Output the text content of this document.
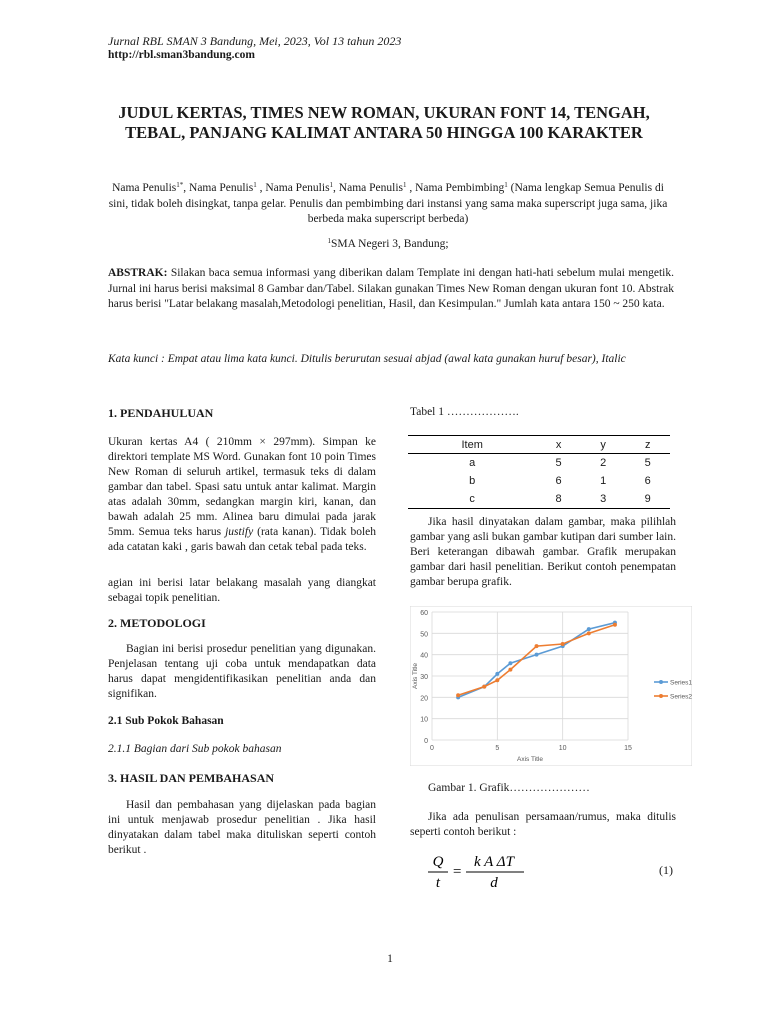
Jurnal RBL SMAN 3 Bandung, Mei, 2023, Vol 13 tahun 2023
http://rbl.sman3bandung.com
JUDUL KERTAS, TIMES NEW ROMAN, UKURAN FONT 14, TENGAH, TEBAL, PANJANG KALIMAT ANTARA 50 HINGGA 100 KARAKTER
Nama Penulis$^{1*}$, Nama Penulis$^1$ , Nama Penulis$^1$, Nama Penulis$^1$ , Nama Pembimbing$^1$ (Nama lengkap Semua Penulis di sini, tidak boleh disingkat, tanpa gelar. Penulis dan pembimbing dari instansi yang sama maka superscript juga sama, jika berbeda maka superscript berbeda)
$^1$SMA Negeri 3, Bandung;
ABSTRAK: Silakan baca semua informasi yang diberikan dalam Template ini dengan hati-hati sebelum mulai mengetik. Jurnal ini harus berisi maksimal 8 Gambar dan/Tabel. Silakan gunakan Times New Roman dengan ukuran font 10. Abstrak harus berisi "Latar belakang masalah,Metodologi penelitian, Hasil, dan Kesimpulan." Jumlah kata antara 150 ~ 250 kata.
Kata kunci : Empat atau lima kata kunci. Ditulis berurutan sesuai abjad (awal kata gunakan huruf besar), Italic
1. PENDAHULUAN
Ukuran kertas A4 ( 210mm × 297mm). Simpan ke direktori template MS Word. Gunakan font 10 poin Times New Roman di seluruh artikel, termasuk teks di dalam gambar dan tabel. Spasi satu untuk antar kalimat. Margin atas adalah 30mm, sedangkan margin kiri, kanan, dan bawah adalah 25 mm. Alinea baru dimulai pada jarak 5mm. Semua teks harus justify (rata kanan). Tidak boleh ada catatan kaki , garis bawah dan cetak tebal pada teks.
agian ini berisi latar belakang masalah yang diangkat sebagai topik penelitian.
2. METODOLOGI
Bagian ini berisi prosedur penelitian yang digunakan. Penjelasan tentang uji coba untuk mendapatkan data harus dapat mengidentifikasikan penelitian anda dan signifikan.
2.1 Sub Pokok Bahasan
2.1.1 Bagian dari Sub pokok bahasan
3. HASIL DAN PEMBAHASAN
Hasil dan pembahasan yang dijelaskan pada bagian ini untuk menjawab prosedur penelitian . Jika hasil dinyatakan dalam tabel maka dituliskan seperti contoh berikut .
Tabel 1 ……………….
Item	x	y	z
a	5	2	5
b	6	1	6
c	8	3	9
Jika hasil dinyatakan dalam gambar, maka pilihlah gambar yang asli bukan gambar kutipan dari sumber lain. Beri keterangan dibawah gambar. Grafik merupakan gambar dari hasil penelitian. Berikut contoh penempatan gambar berupa grafik.
0
10
20
30
40
50
60
0	5	10	15
Axis Title
Axis Title	Series1
Series2
Gambar 1. Grafik…………………
Jika ada penulisan persamaan/rumus, maka ditulis seperti contoh berikut :
Q
t
=
k A ΔT
d
(1)
1
